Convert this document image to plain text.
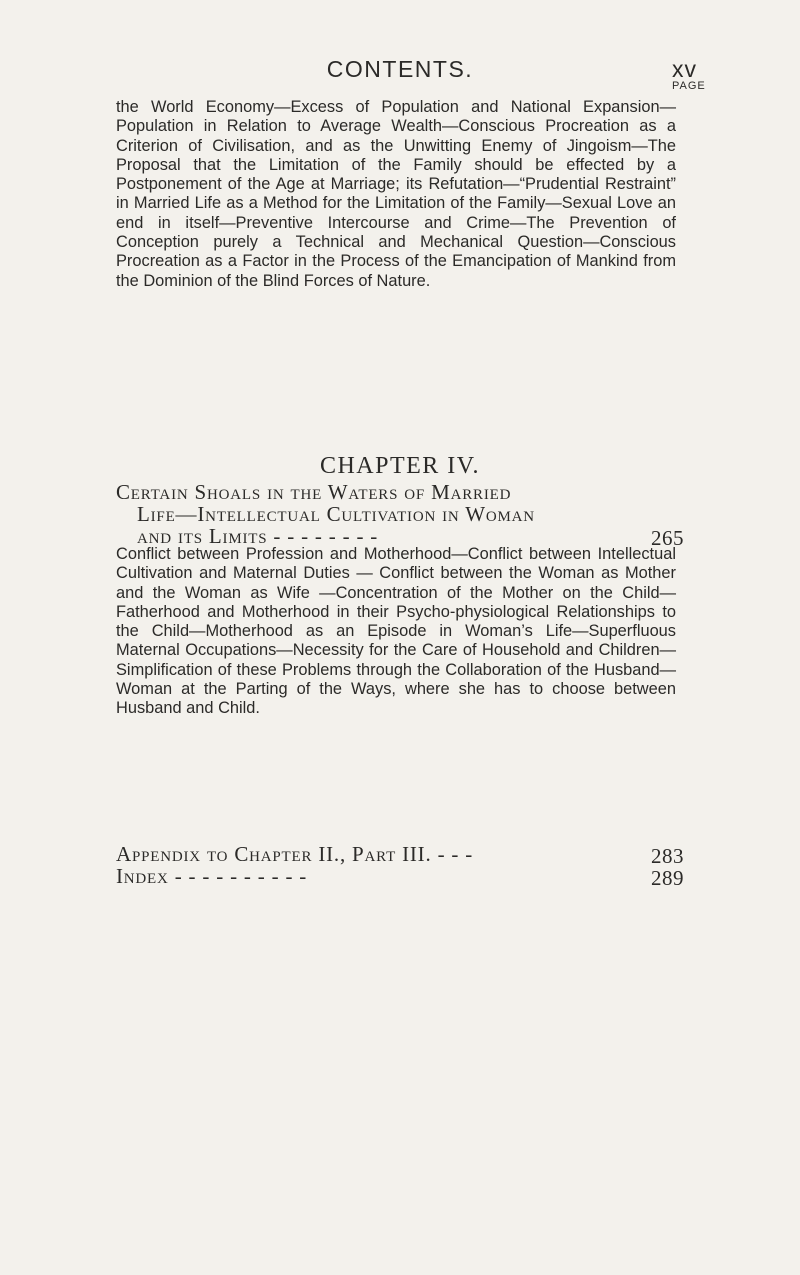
CONTENTS.	xv
PAGE

the World Economy—Excess of Population and National Expansion—Population in Relation to Average Wealth—Conscious Procreation as a Criterion of Civilisation, and as the Unwitting Enemy of Jingoism—The Proposal that the Limitation of the Family should be effected by a Postponement of the Age at Marriage; its Refutation—“Prudential Restraint” in Married Life as a Method for the Limitation of the Family—Sexual Love an end in itself—Preventive Intercourse and Crime—The Prevention of Conception purely a Technical and Mechanical Question—Conscious Procreation as a Factor in the Process of the Emancipation of Mankind from the Dominion of the Blind Forces of Nature.

CHAPTER IV.
Certain Shoals in the Waters of Married
Life—Intellectual Cultivation in Woman
and its Limits - - - - - - - -	265

Conflict between Profession and Motherhood—Conflict between Intellectual Cultivation and Maternal Duties — Conflict between the Woman as Mother and the Woman as Wife —Concentration of the Mother on the Child—Fatherhood and Motherhood in their Psycho-physiological Relationships to the Child—Motherhood as an Episode in Woman’s Life—Superfluous Maternal Occupations—Necessity for the Care of Household and Children—Simplification of these Problems through the Collaboration of the Husband—Woman at the Parting of the Ways, where she has to choose between Husband and Child.

Appendix to Chapter II., Part III. - - -	283
Index - - - - - - - - - -	289
